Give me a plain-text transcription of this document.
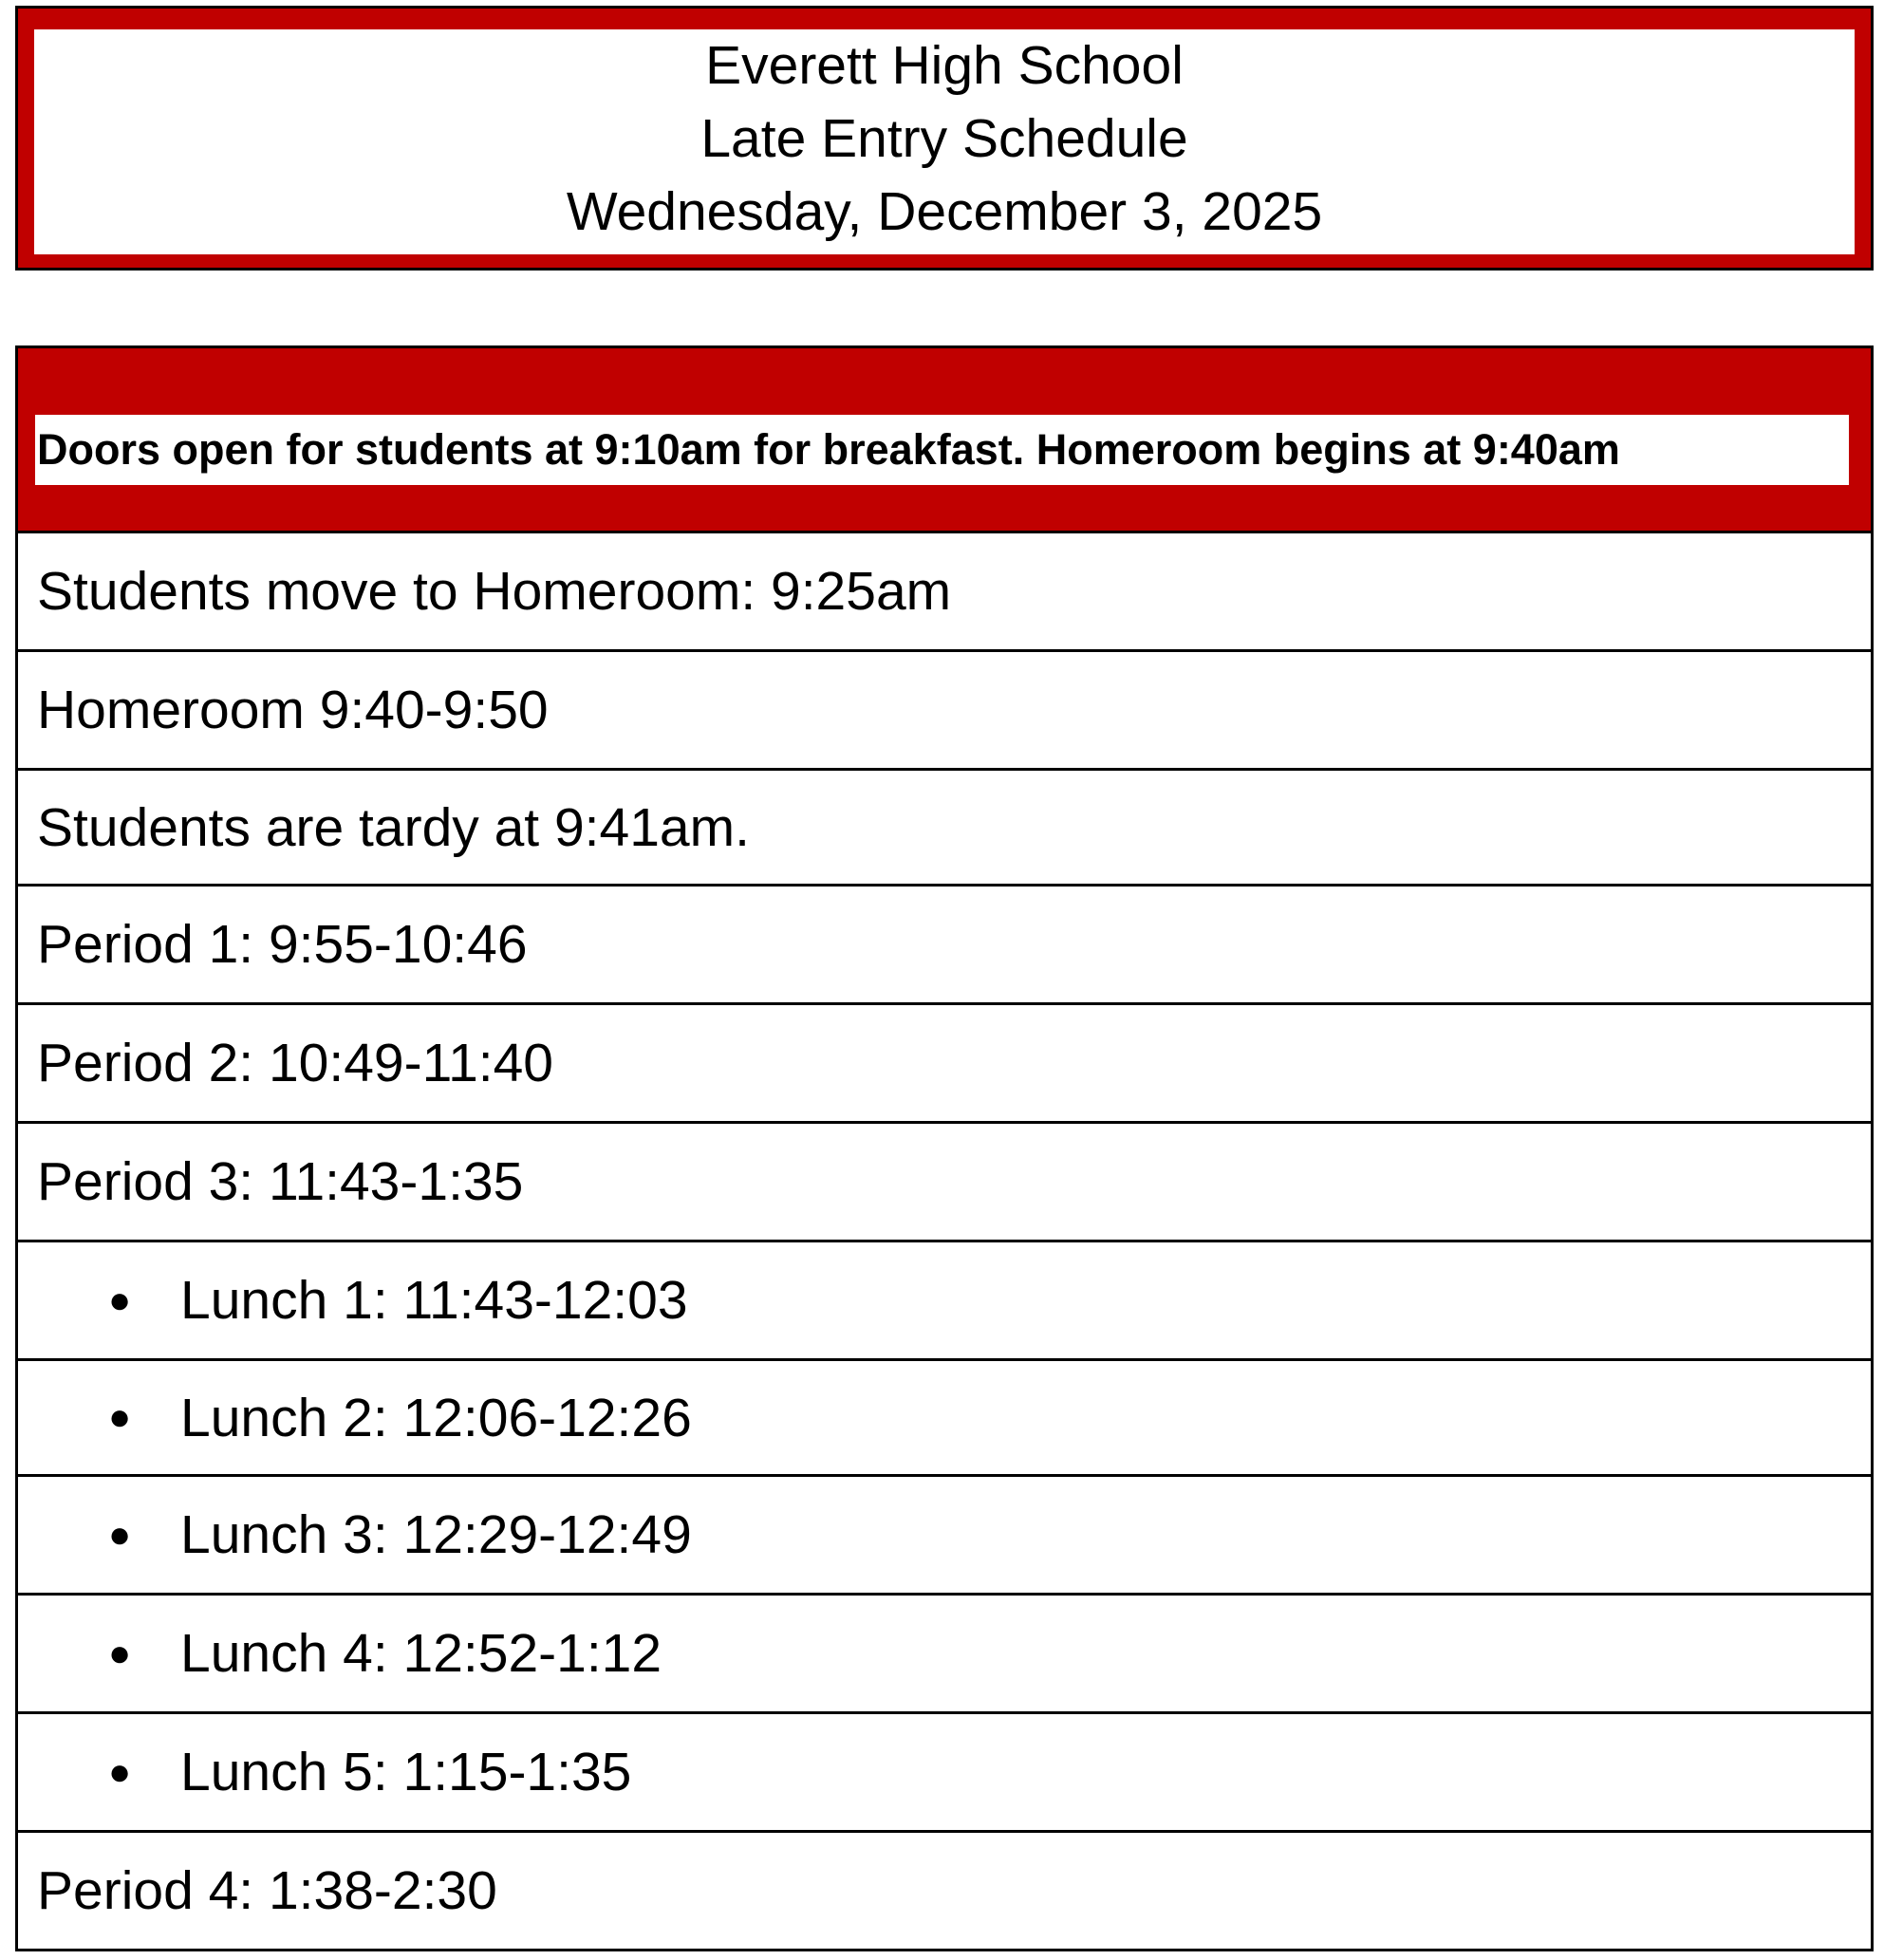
Everett High School
Late Entry Schedule
Wednesday, December 3, 2025
Doors open for students at 9:10am for breakfast. Homeroom begins at 9:40am
Students move to Homeroom: 9:25am
Homeroom 9:40-9:50
Students are tardy at 9:41am.
Period 1: 9:55-10:46
Period 2: 10:49-11:40
Period 3: 11:43-1:35
● Lunch 1: 11:43-12:03
● Lunch 2: 12:06-12:26
● Lunch 3: 12:29-12:49
● Lunch 4: 12:52-1:12
● Lunch 5: 1:15-1:35
Period 4: 1:38-2:30
